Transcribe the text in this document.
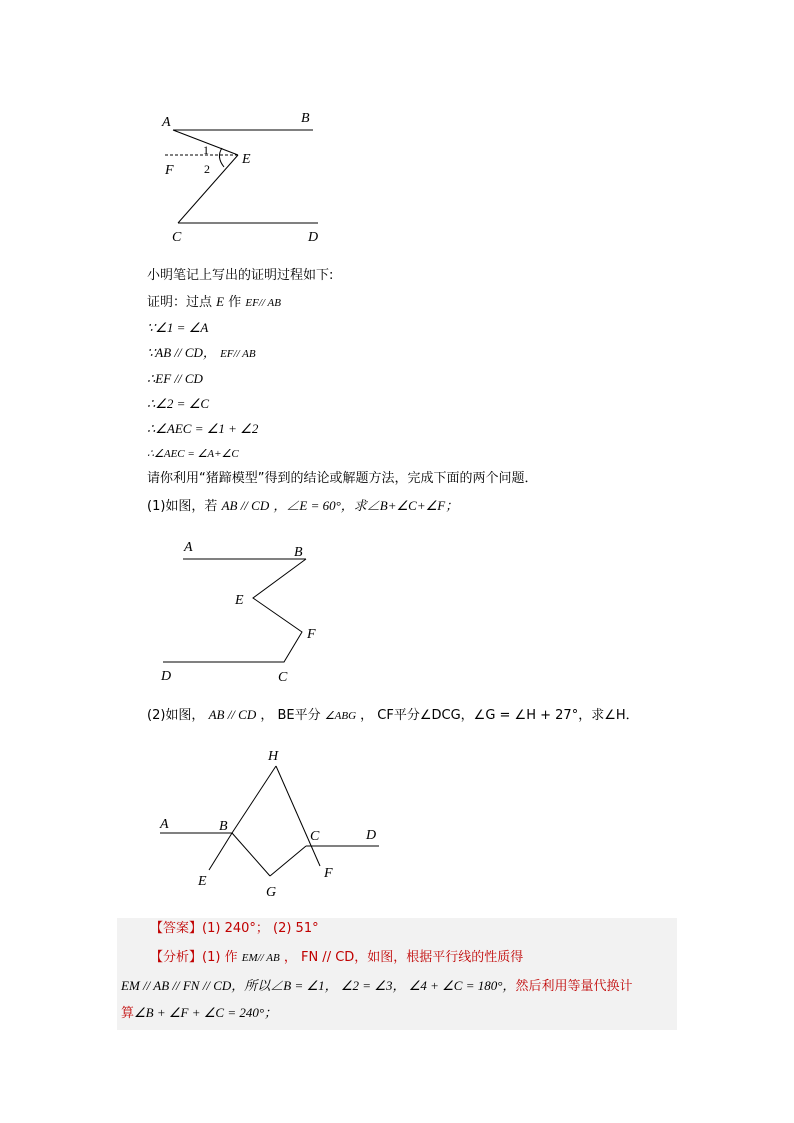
A	B
E
F
C	D
1
2
小明笔记上写出的证明过程如下:
证明：过点 E 作 EF// AB
∵∠1 = ∠A
∵AB // CD， EF// AB
∴EF // CD
∴∠2 = ∠C
∴∠AEC = ∠1 + ∠2
∴∠AEC = ∠A+∠C
请你利用“猪蹄模型”得到的结论或解题方法，完成下面的两个问题．
(1)如图，若 AB // CD ，∠E = 60°，求∠B+∠C+∠F；
A	B
E
F
D	C
(2)如图， AB // CD ， BE平分 ∠ABG ， CF平分∠DCG，∠G = ∠H + 27°，求∠H．
H
A	B
C	D
E
F
G
【答案】(1) 240°； (2) 51°
【分析】(1) 作 EM// AB ， FN // CD，如图，根据平行线的性质得
EM // AB // FN // CD，所以∠B = ∠1， ∠2 = ∠3， ∠4 + ∠C = 180°，然后利用等量代换计
算∠B + ∠F + ∠C = 240°；
